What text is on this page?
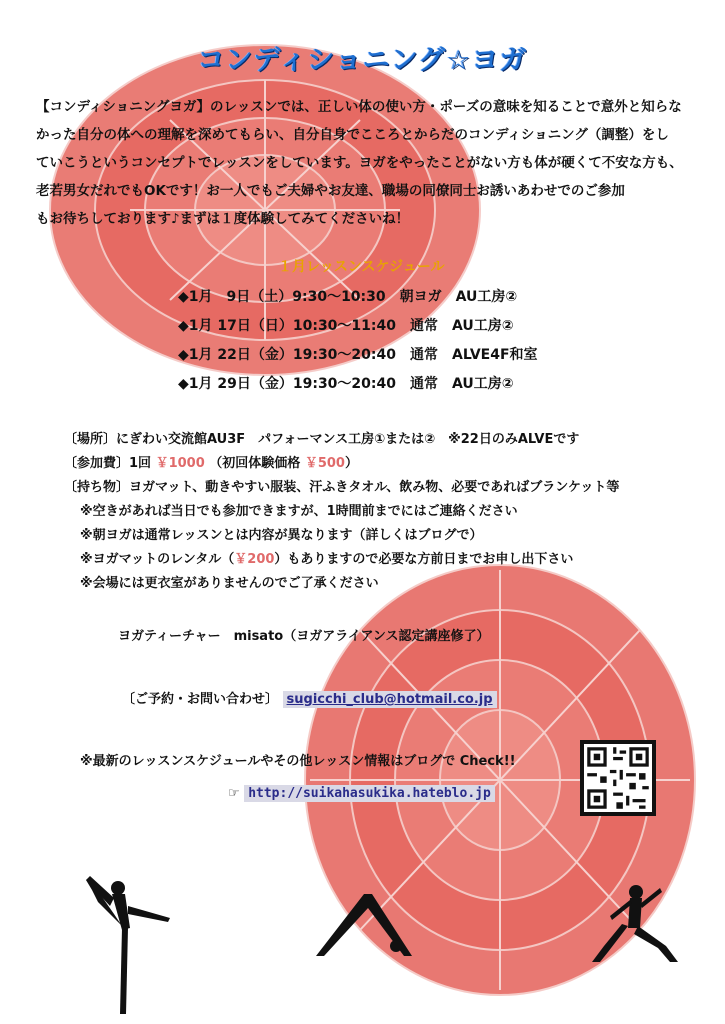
コンディショニング☆ヨガ

【コンディショニングヨガ】のレッスンでは、正しい体の使い方・ポーズの意味を知ることで意外と知らな

かった自分の体への理解を深めてもらい、自分自身でこころとからだのコンディショニング（調整）をし

ていこうというコンセプトでレッスンをしています。ヨガをやったことがない方も体が硬くて不安な方も、

老若男女だれでもOKです！お一人でもご夫婦やお友達、職場の同僚同士お誘いあわせでのご参加

もお待ちしております♪まずは１度体験してみてくださいね！

１月レッスンスケジュール
◆1月　9日（土）9:30～10:30　朝ヨガ　AU工房②
◆1月 17日（日）10:30～11:40　通常　AU工房②
◆1月 22日（金）19:30～20:40　通常　ALVE4F和室
◆1月 29日（金）19:30～20:40　通常　AU工房②
〔場所〕にぎわい交流館AU3F　パフォーマンス工房①または②　※22日のみALVEです
〔参加費〕1回 ￥1000 （初回体験価格 ￥500）
〔持ち物〕ヨガマット、動きやすい服装、汗ふきタオル、飲み物、必要であればブランケット等
※空きがあれば当日でも参加できますが、1時間前までにはご連絡ください
※朝ヨガは通常レッスンとは内容が異なります（詳しくはブログで）
※ヨガマットのレンタル（￥200）もありますので必要な方前日までお申し出下さい
※会場には更衣室がありませんのでご了承ください
ヨガティーチャー　misato（ヨガアライアンス認定講座修了）
〔ご予約・お問い合わせ〕 sugicchi_club@hotmail.co.jp
※最新のレッスンスケジュールやその他レッスン情報はブログで Check!!
☞ http://suikahasukika.hateblo.jp
